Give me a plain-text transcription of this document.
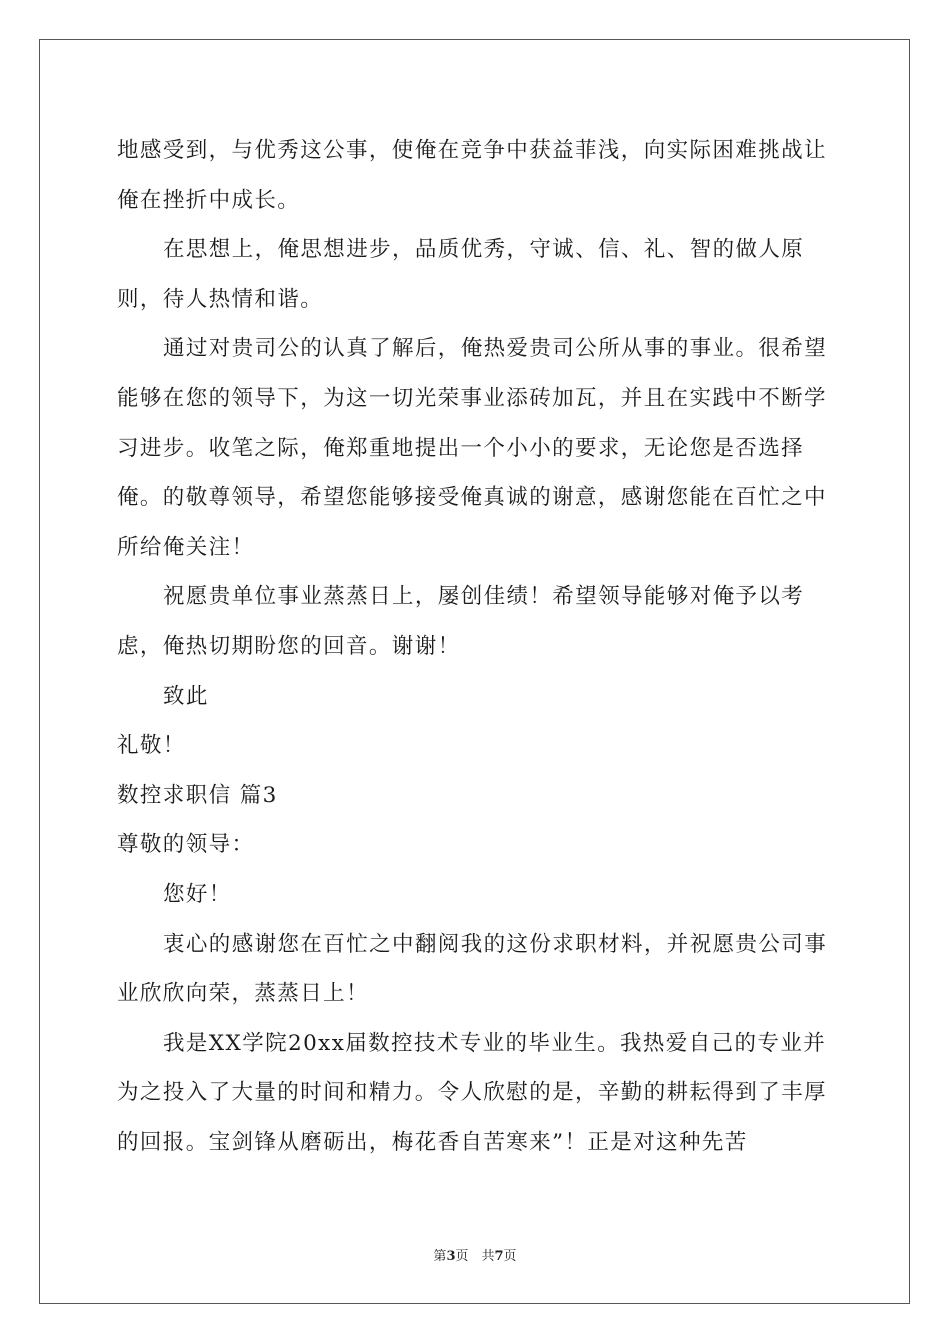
地感受到，与优秀这公事，使俺在竞争中获益菲浅，向实际困难挑战让俺在挫折中成长。

在思想上，俺思想进步，品质优秀，守诚、信、礼、智的做人原则，待人热情和谐。

通过对贵司公的认真了解后，俺热爱贵司公所从事的事业。很希望能够在您的领导下，为这一切光荣事业添砖加瓦，并且在实践中不断学习进步。收笔之际，俺郑重地提出一个小小的要求，无论您是否选择俺。的敬尊领导，希望您能够接受俺真诚的谢意，感谢您能在百忙之中所给俺关注！

祝愿贵单位事业蒸蒸日上，屡创佳绩！希望领导能够对俺予以考虑，俺热切期盼您的回音。谢谢！

致此

礼敬！

数控求职信 篇3

尊敬的领导：

您好！

衷心的感谢您在百忙之中翻阅我的这份求职材料，并祝愿贵公司事业欣欣向荣，蒸蒸日上！

我是XX学院20xx届数控技术专业的毕业生。我热爱自己的专业并为之投入了大量的时间和精力。令人欣慰的是，辛勤的耕耘得到了丰厚的回报。宝剑锋从磨砺出，梅花香自苦寒来”！正是对这种先苦

第3页　共7页
